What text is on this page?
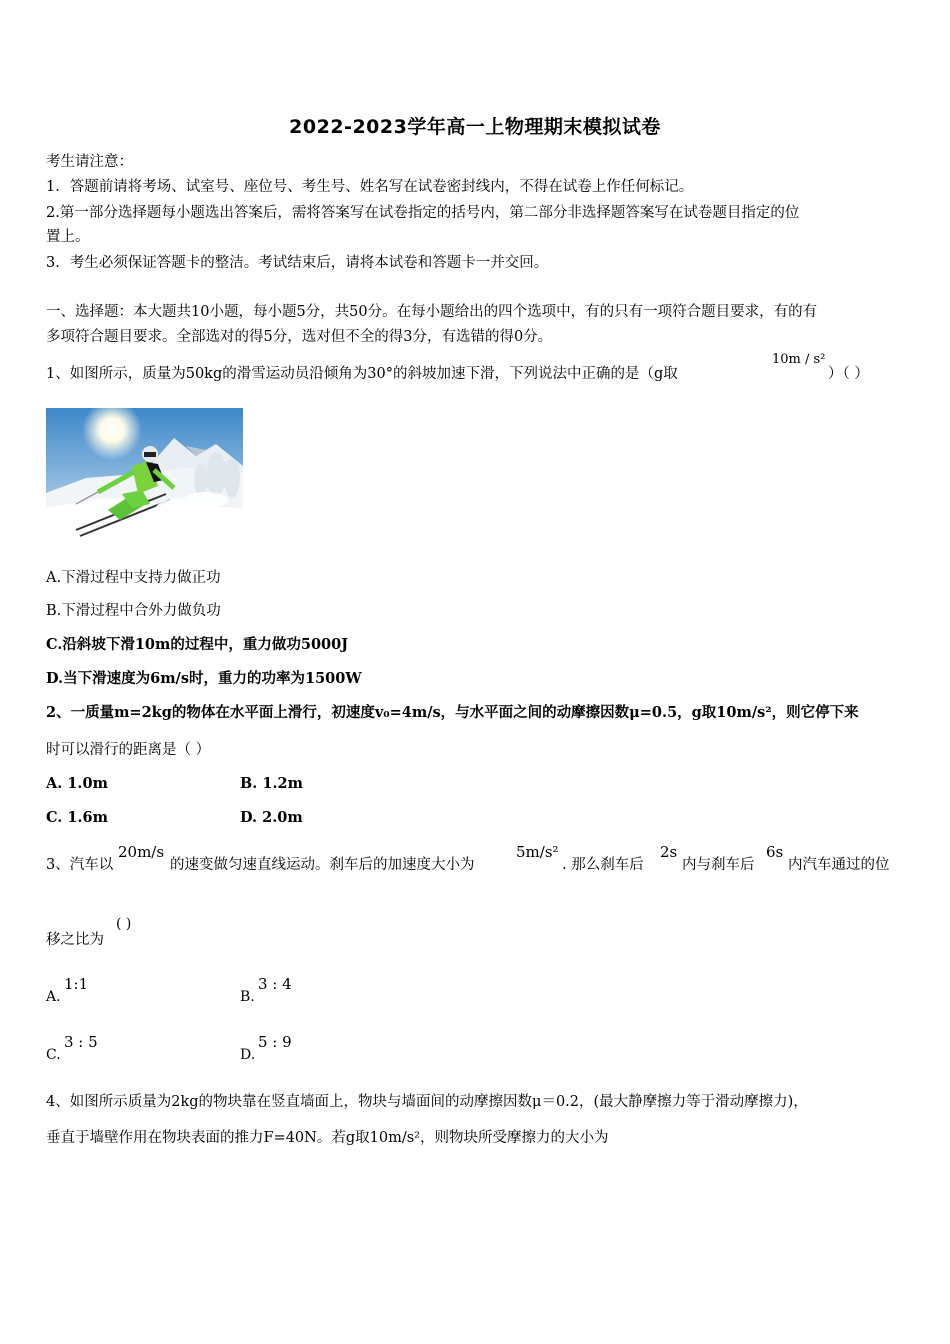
2022-2023学年高一上物理期末模拟试卷
考生请注意：
1．答题前请将考场、试室号、座位号、考生号、姓名写在试卷密封线内，不得在试卷上作任何标记。
2.第一部分选择题每小题选出答案后，需将答案写在试卷指定的括号内，第二部分非选择题答案写在试卷题目指定的位
置上。
3．考生必须保证答题卡的整洁。考试结束后，请将本试卷和答题卡一并交回。
一、选择题：本大题共10小题，每小题5分，共50分。在每小题给出的四个选项中，有的只有一项符合题目要求，有的有
多项符合题目要求。全部选对的得5分，选对但不全的得3分，有选错的得0分。
1、如图所示，质量为50kg的滑雪运动员沿倾角为30°的斜坡加速下滑，下列说法中正确的是（g取
10m / s²
）（ ）
A.下滑过程中支持力做正功
B.下滑过程中合外力做负功
C.沿斜坡下滑10m的过程中，重力做功5000J
D.当下滑速度为6m/s时，重力的功率为1500W
2、一质量m=2kg的物体在水平面上滑行，初速度v₀=4m/s，与水平面之间的动摩擦因数μ=0.5，g取10m/s²，则它停下来
时可以滑行的距离是（ ）
A. 1.0m	B. 1.2m
C. 1.6m	D. 2.0m
3、汽车以
20m/s
的速变做匀速直线运动。刹车后的加速度大小为
5m/s²
. 那么刹车后
2s
内与刹车后
6s
内汽车通过的位
移之比为
( )
A.
1:1
B.
3 : 4
C.
3 : 5
D.
5 : 9
4、如图所示质量为2kg的物块靠在竖直墙面上，物块与墙面间的动摩擦因数μ＝0.2，(最大静摩擦力等于滑动摩擦力)，
垂直于墙壁作用在物块表面的推力F=40N。若g取10m/s²，则物块所受摩擦力的大小为
